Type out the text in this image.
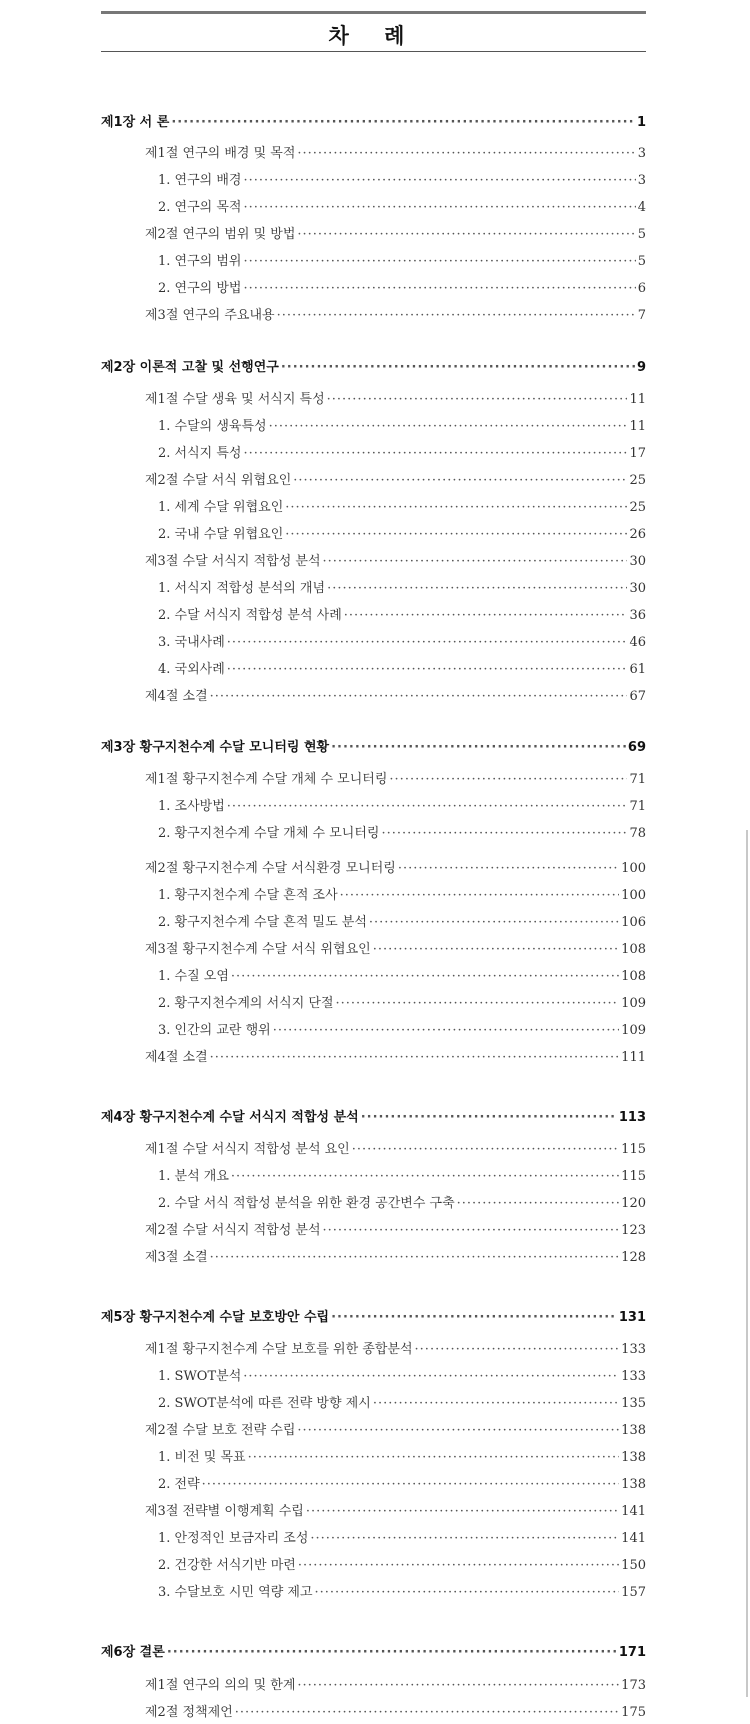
차 례
제1장 서 론 ·····	1
제1절 연구의 배경 및 목적 ·····	3
1. 연구의 배경 ·····	3
2. 연구의 목적 ·····	4
제2절 연구의 범위 및 방법 ·····	5
1. 연구의 범위 ·····	5
2. 연구의 방법 ·····	6
제3절 연구의 주요내용 ·····	7
제2장 이론적 고찰 및 선행연구 ·····	9
제1절 수달 생육 및 서식지 특성 ·····	11
1. 수달의 생육특성 ·····	11
2. 서식지 특성 ·····	17
제2절 수달 서식 위협요인 ·····	25
1. 세계 수달 위협요인 ·····	25
2. 국내 수달 위협요인 ·····	26
제3절 수달 서식지 적합성 분석 ·····	30
1. 서식지 적합성 분석의 개념 ·····	30
2. 수달 서식지 적합성 분석 사례 ·····	36
3. 국내사례 ·····	46
4. 국외사례 ·····	61
제4절 소결 ·····	67
제3장 황구지천수계 수달 모니터링 현황 ·····	69
제1절 황구지천수계 수달 개체 수 모니터링 ·····	71
1. 조사방법 ·····	71
2. 황구지천수계 수달 개체 수 모니터링 ·····	78
제2절 황구지천수계 수달 서식환경 모니터링 ·····	100
1. 황구지천수계 수달 흔적 조사 ·····	100
2. 황구지천수계 수달 흔적 밀도 분석 ·····	106
제3절 황구지천수계 수달 서식 위협요인 ·····	108
1. 수질 오염 ·····	108
2. 황구지천수계의 서식지 단절 ·····	109
3. 인간의 교란 행위 ·····	109
제4절 소결 ·····	111
제4장 황구지천수계 수달 서식지 적합성 분석 ·····	113
제1절 수달 서식지 적합성 분석 요인 ·····	115
1. 분석 개요 ·····	115
2. 수달 서식 적합성 분석을 위한 환경 공간변수 구축 ·····	120
제2절 수달 서식지 적합성 분석 ·····	123
제3절 소결 ·····	128
제5장 황구지천수계 수달 보호방안 수립 ·····	131
제1절 황구지천수계 수달 보호를 위한 종합분석 ·····	133
1. SWOT분석 ·····	133
2. SWOT분석에 따른 전략 방향 제시 ·····	135
제2절 수달 보호 전략 수립 ·····	138
1. 비전 및 목표 ·····	138
2. 전략 ·····	138
제3절 전략별 이행계획 수립 ·····	141
1. 안정적인 보금자리 조성 ·····	141
2. 건강한 서식기반 마련 ·····	150
3. 수달보호 시민 역량 제고 ·····	157
제6장 결론 ·····	171
제1절 연구의 의의 및 한계 ·····	173
제2절 정책제언 ·····	175
